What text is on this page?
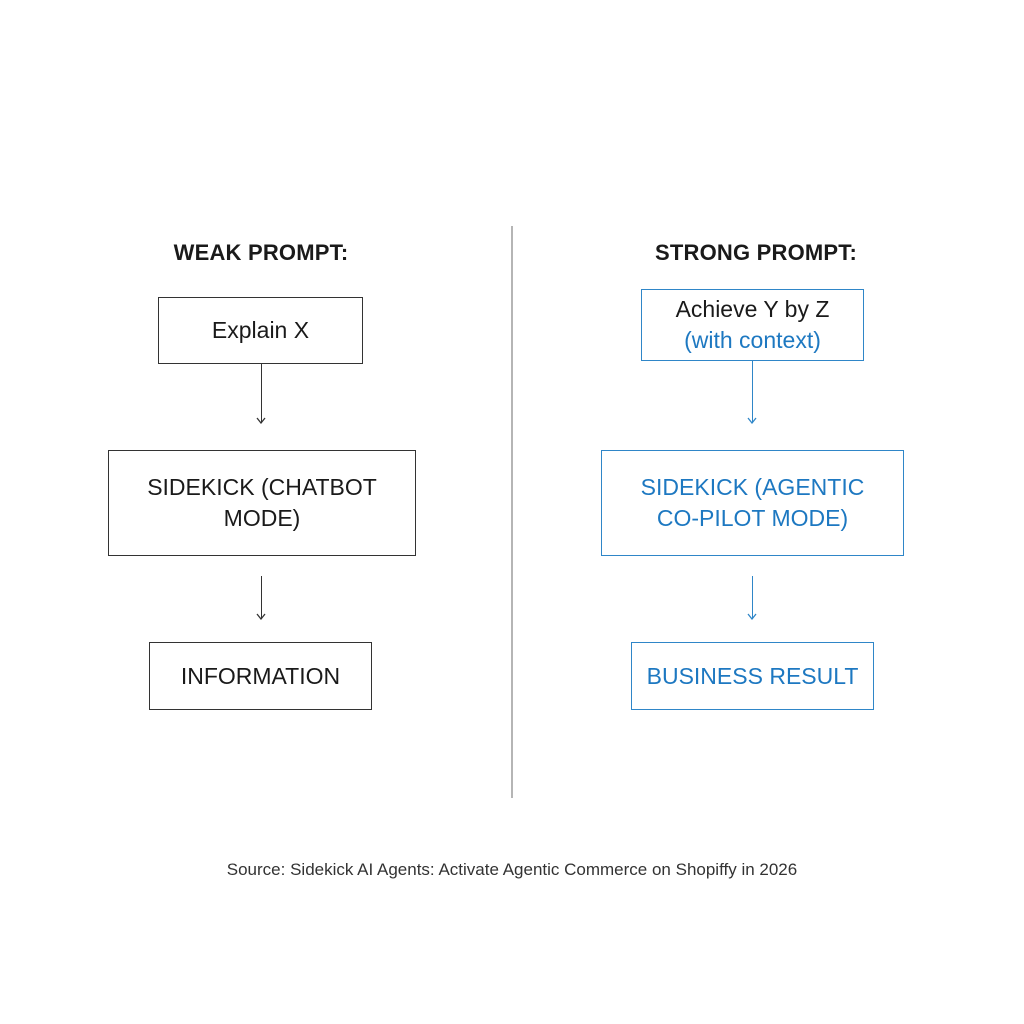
WEAK PROMPT:
Explain X
SIDEKICK (CHATBOT
MODE)
INFORMATION
STRONG PROMPT:
Achieve Y by Z
(with context)
SIDEKICK (AGENTIC
CO-PILOT MODE)
BUSINESS RESULT
Source: Sidekick AI Agents: Activate Agentic Commerce on Shopiffy in 2026
